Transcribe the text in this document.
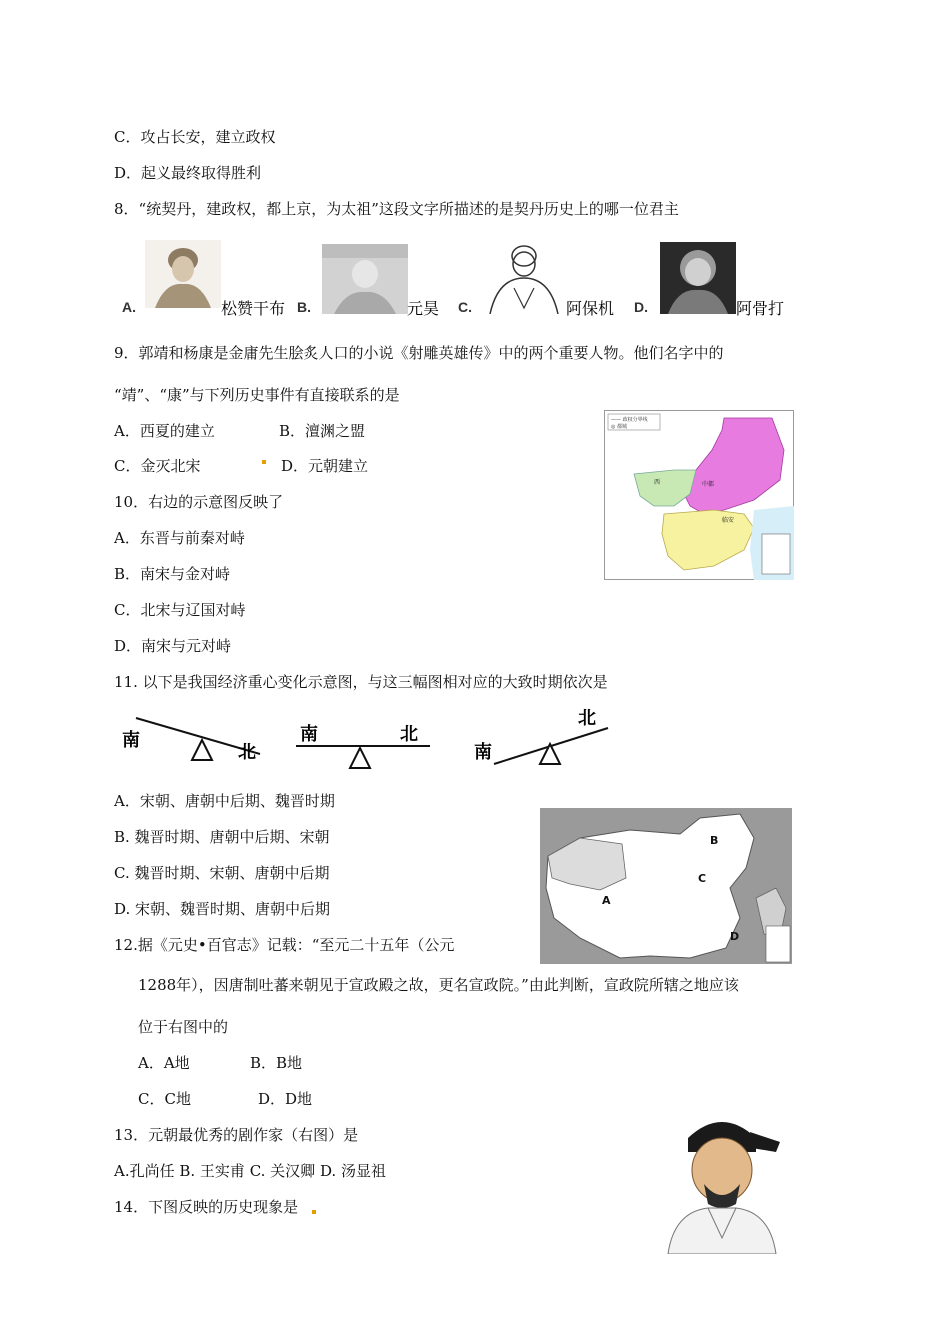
C．攻占长安，建立政权
D．起义最终取得胜利
8．“统契丹，建政权，都上京，为太祖”这段文字所描述的是契丹历史上的哪一位君主
A.	松赞干布 B.	元昊 C.	阿保机 D.	阿骨打
9．郭靖和杨康是金庸先生脍炙人口的小说《射雕英雄传》中的两个重要人物。他们名字中的
“靖”、“康”与下列历史事件有直接联系的是
A．西夏的建立	B．澶渊之盟
C．金灭北宋	D．元朝建立
10．右边的示意图反映了
A．东晋与前秦对峙
B．南宋与金对峙
C．北宋与辽国对峙
D．南宋与元对峙
—— 政权分界线
◎ 都城
西	中都
临安
11. 以下是我国经济重心变化示意图，与这三幅图相对应的大致时期依次是
南
北
南	北
南
北
A．宋朝、唐朝中后期、魏晋时期
B. 魏晋时期、唐朝中后期、宋朝
C. 魏晋时期、宋朝、唐朝中后期
D. 宋朝、魏晋时期、唐朝中后期	A
B
C
D
12.据《元史•百官志》记载：“至元二十五年（公元
1288年），因唐制吐蕃来朝见于宣政殿之故，更名宣政院。”由此判断，宣政院所辖之地应该
位于右图中的
A．A地	B．B地
C．C地	D．D地
13．元朝最优秀的剧作家（右图）是
A.孔尚任 B. 王实甫 C. 关汉卿 D. 汤显祖
14．下图反映的历史现象是
